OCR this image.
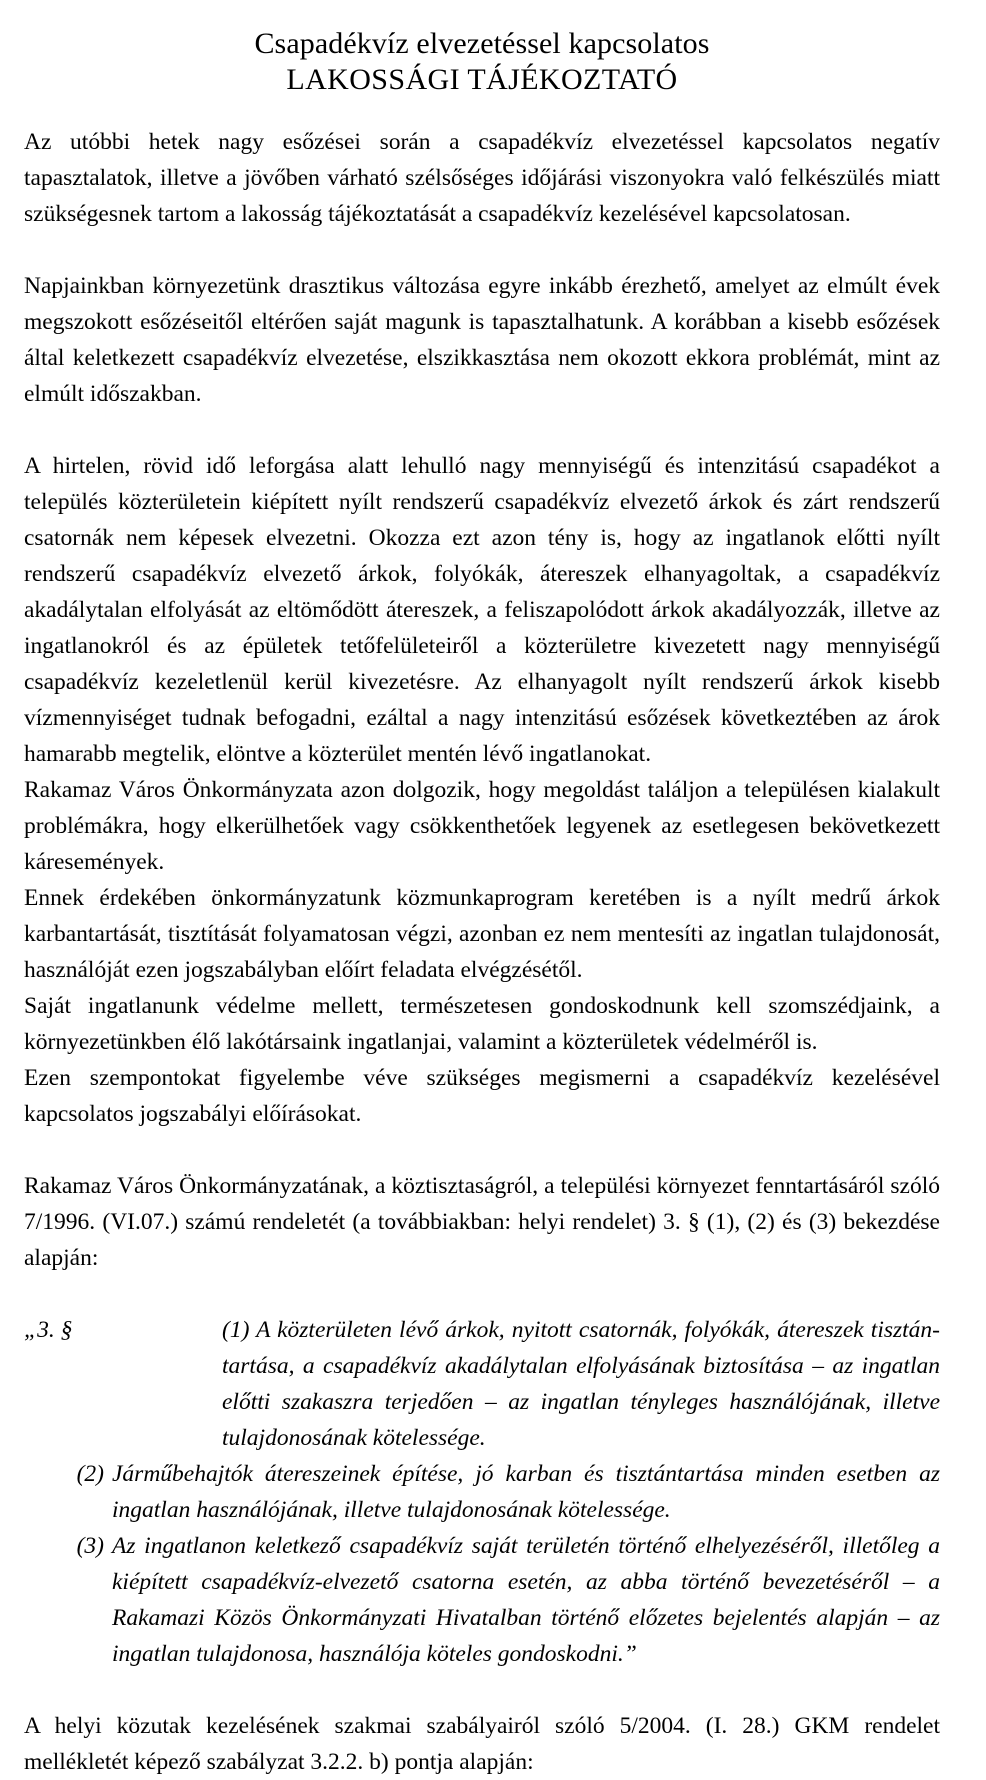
Csapadékvíz elvezetéssel kapcsolatos
LAKOSSÁGI TÁJÉKOZTATÓ

Az utóbbi hetek nagy esőzései során a csapadékvíz elvezetéssel kapcsolatos negatív tapasztalatok, illetve a jövőben várható szélsőséges időjárási viszonyokra való felkészülés miatt szükségesnek tartom a lakosság tájékoztatását a csapadékvíz kezelésével kapcsolatosan.

Napjainkban környezetünk drasztikus változása egyre inkább érezhető, amelyet az elmúlt évek megszokott esőzéseitől eltérően saját magunk is tapasztalhatunk. A korábban a kisebb esőzések által keletkezett csapadékvíz elvezetése, elszikkasztása nem okozott ekkora problémát, mint az elmúlt időszakban.

A hirtelen, rövid idő leforgása alatt lehulló nagy mennyiségű és intenzitású csapadékot a település közterületein kiépített nyílt rendszerű csapadékvíz elvezető árkok és zárt rendszerű csatornák nem képesek elvezetni. Okozza ezt azon tény is, hogy az ingatlanok előtti nyílt rendszerű csapadékvíz elvezető árkok, folyókák, átereszek elhanyagoltak, a csapadékvíz akadálytalan elfolyását az eltömődött átereszek, a feliszapolódott árkok akadályozzák, illetve az ingatlanokról és az épületek tetőfelületeiről a közterületre kivezetett nagy mennyiségű csapadékvíz kezeletlenül kerül kivezetésre. Az elhanyagolt nyílt rendszerű árkok kisebb vízmennyiséget tudnak befogadni, ezáltal a nagy intenzitású esőzések következtében az árok hamarabb megtelik, elöntve a közterület mentén lévő ingatlanokat.

Rakamaz Város Önkormányzata azon dolgozik, hogy megoldást találjon a településen kialakult problémákra, hogy elkerülhetőek vagy csökkenthetőek legyenek az esetlegesen bekövetkezett káresemények.

Ennek érdekében önkormányzatunk közmunkaprogram keretében is a nyílt medrű árkok karbantartását, tisztítását folyamatosan végzi, azonban ez nem mentesíti az ingatlan tulajdonosát, használóját ezen jogszabályban előírt feladata elvégzésétől.

Saját ingatlanunk védelme mellett, természetesen gondoskodnunk kell szomszédjaink, a környezetünkben élő lakótársaink ingatlanjai, valamint a közterületek védelméről is.

Ezen szempontokat figyelembe véve szükséges megismerni a csapadékvíz kezelésével kapcsolatos jogszabályi előírásokat.

Rakamaz Város Önkormányzatának, a köztisztaságról, a települési környezet fenntartásáról szóló 7/1996. (VI.07.) számú rendeletét (a továbbiakban: helyi rendelet) 3. § (1), (2) és (3) bekezdése alapján:

„3. §	(1) A közterületen lévő árkok, nyitott csatornák, folyókák, átereszek tisztán-tartása, a csapadékvíz akadálytalan elfolyásának biztosítása – az ingatlan előtti szakaszra terjedően – az ingatlan tényleges használójának, illetve tulajdonosának kötelessége.
(2) Járműbehajtók átereszeinek építése, jó karban és tisztántartása minden esetben az ingatlan használójának, illetve tulajdonosának kötelessége.
(3) Az ingatlanon keletkező csapadékvíz saját területén történő elhelyezéséről, illetőleg a kiépített csapadékvíz-elvezető csatorna esetén, az abba történő bevezetéséről – a Rakamazi Közös Önkormányzati Hivatalban történő előzetes bejelentés alapján – az ingatlan tulajdonosa, használója köteles gondoskodni.”

A helyi közutak kezelésének szakmai szabályairól szóló 5/2004. (I. 28.) GKM rendelet mellékletét képező szabályzat 3.2.2. b) pontja alapján:
